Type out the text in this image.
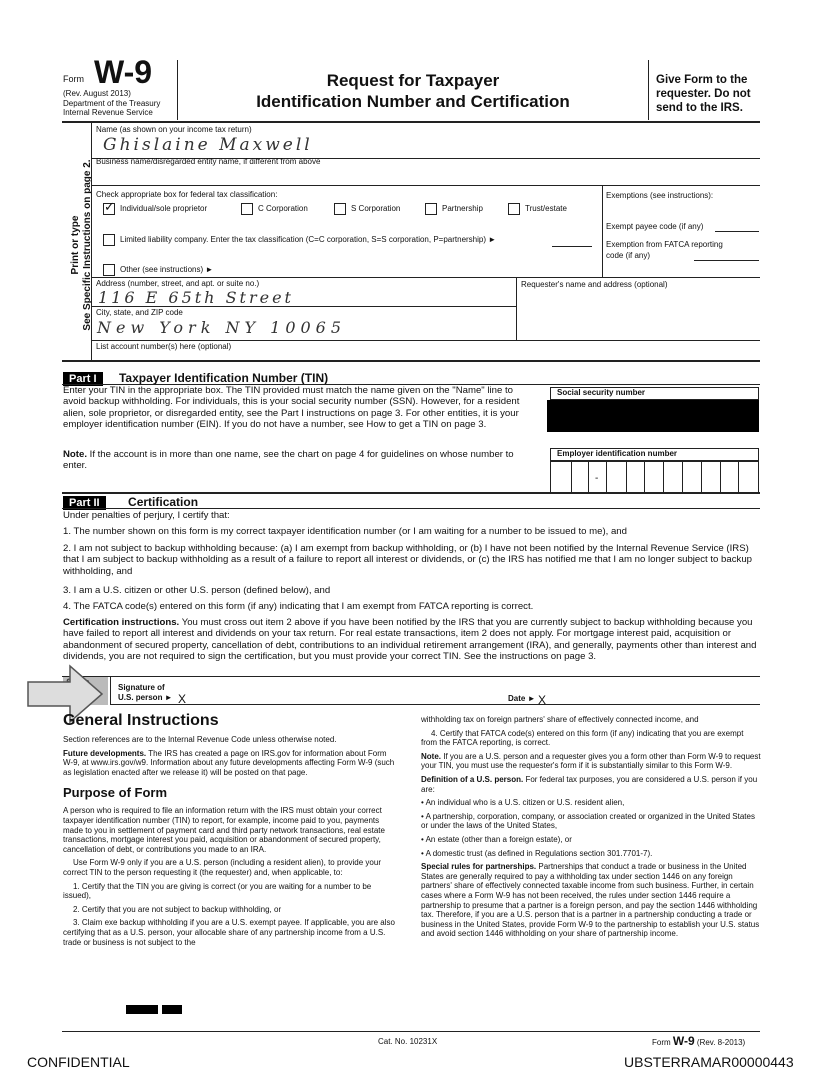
Form W-9
(Rev. August 2013)
Department of the Treasury
Internal Revenue Service
Request for Taxpayer
Identification Number and Certification
Give Form to the
requester. Do not
send to the IRS.
Print or type See Specific Instructions on page 2.
Name (as shown on your income tax return)
Ghislaine Maxwell
Business name/disregarded entity name, if different from above
Check appropriate box for federal tax classification:
✓Individual/sole proprietor	C Corporation	S Corporation	Partnership	Trust/estate
Limited liability company. Enter the tax classification (C=C corporation, S=S corporation, P=partnership) ►
Other (see instructions) ►
Exemptions (see instructions):
Exempt payee code (if any)
Exemption from FATCA reporting
code (if any)
Address (number, street, and apt. or suite no.)
116 E 65th Street
Requester's name and address (optional)
City, state, and ZIP code
New York NY 10065
List account number(s) here (optional)
Part I Taxpayer Identification Number (TIN)
Enter your TIN in the appropriate box. The TIN provided must match the name given on the "Name" line to avoid backup withholding. For individuals, this is your social security number (SSN). However, for a resident alien, sole proprietor, or disregarded entity, see the Part I instructions on page 3. For other entities, it is your employer identification number (EIN). If you do not have a number, see How to get a TIN on page 3.
Note. If the account is in more than one name, see the chart on page 4 for guidelines on whose number to enter.
Social security number
Employer identification number
-
Part II Certification
Under penalties of perjury, I certify that:
1. The number shown on this form is my correct taxpayer identification number (or I am waiting for a number to be issued to me), and
2. I am not subject to backup withholding because: (a) I am exempt from backup withholding, or (b) I have not been notified by the Internal Revenue Service (IRS) that I am subject to backup withholding as a result of a failure to report all interest or dividends, or (c) the IRS has notified me that I am no longer subject to backup withholding, and
3. I am a U.S. citizen or other U.S. person (defined below), and
4. The FATCA code(s) entered on this form (if any) indicating that I am exempt from FATCA reporting is correct.
Certification instructions. You must cross out item 2 above if you have been notified by the IRS that you are currently subject to backup withholding because you have failed to report all interest and dividends on your tax return. For real estate transactions, item 2 does not apply. For mortgage interest paid, acquisition or abandonment of secured property, cancellation of debt, contributions to an individual retirement arrangement (IRA), and generally, payments other than interest and dividends, you are not required to sign the certification, but you must provide your correct TIN. See the instructions on page 3.
Signature of
U.S. person ► X	Date ► X
General Instructions

Section references are to the Internal Revenue Code unless otherwise noted.

Future developments. The IRS has created a page on IRS.gov for information about Form W-9, at www.irs.gov/w9. Information about any future developments affecting Form W-9 (such as legislation enacted after we release it) will be posted on that page.

Purpose of Form

A person who is required to file an information return with the IRS must obtain your correct taxpayer identification number (TIN) to report, for example, income paid to you, payments made to you in settlement of payment card and third party network transactions, real estate transactions, mortgage interest you paid, acquisition or abandonment of secured property, cancellation of debt, or contributions you made to an IRA.

Use Form W-9 only if you are a U.S. person (including a resident alien), to provide your correct TIN to the person requesting it (the requester) and, when applicable, to:

1. Certify that the TIN you are giving is correct (or you are waiting for a number to be issued),

2. Certify that you are not subject to backup withholding, or

3. Claim exe backup withholding if you are a U.S. exempt payee. If applicable, you are also certifying that as a U.S. person, your allocable share of any partnership income from a U.S. trade or business is not subject to the

withholding tax on foreign partners' share of effectively connected income, and

4. Certify that FATCA code(s) entered on this form (if any) indicating that you are exempt from the FATCA reporting, is correct.

Note. If you are a U.S. person and a requester gives you a form other than Form W-9 to request your TIN, you must use the requester's form if it is substantially similar to this Form W-9.

Definition of a U.S. person. For federal tax purposes, you are considered a U.S. person if you are:

• An individual who is a U.S. citizen or U.S. resident alien,

• A partnership, corporation, company, or association created or organized in the United States or under the laws of the United States,

• An estate (other than a foreign estate), or

• A domestic trust (as defined in Regulations section 301.7701-7).

Special rules for partnerships. Partnerships that conduct a trade or business in the United States are generally required to pay a withholding tax under section 1446 on any foreign partners' share of effectively connected taxable income from such business. Further, in certain cases where a Form W-9 has not been received, the rules under section 1446 require a partnership to presume that a partner is a foreign person, and pay the section 1446 withholding tax. Therefore, if you are a U.S. person that is a partner in a partnership conducting a trade or business in the United States, provide Form W-9 to the partnership to establish your U.S. status and avoid section 1446 withholding on your share of partnership income.

Cat. No. 10231X	Form W-9 (Rev. 8-2013)
CONFIDENTIAL	UBSTERRAMAR00000443
